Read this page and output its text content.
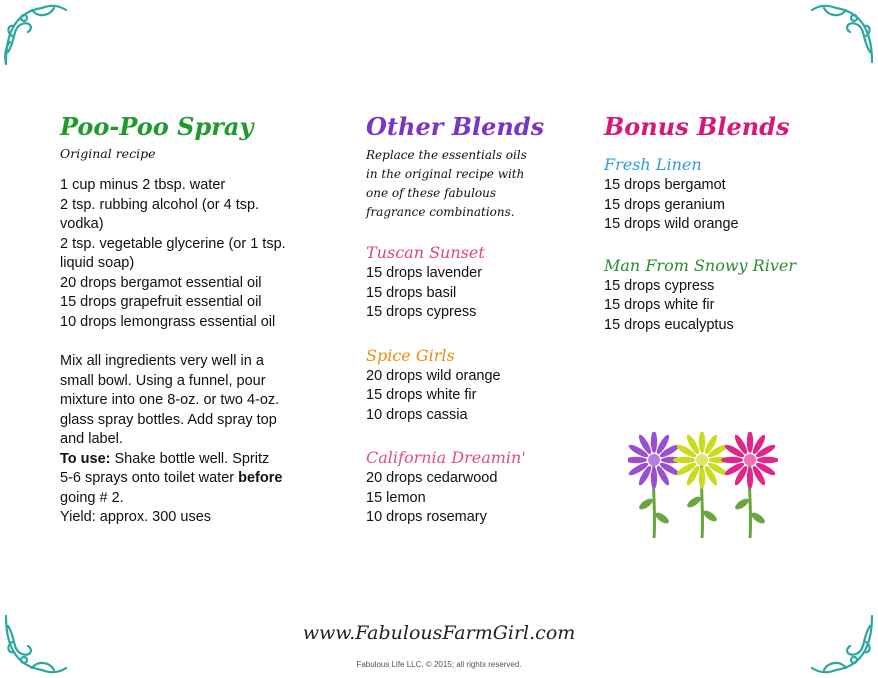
Poo-Poo Spray

Original recipe

1 cup minus 2 tbsp. water

2 tsp. rubbing alcohol (or 4 tsp.

vodka)

2 tsp. vegetable glycerine (or 1 tsp.

liquid soap)

20 drops bergamot essential oil

15 drops grapefruit essential oil

10 drops lemongrass essential oil

Mix all ingredients very well in a

small bowl. Using a funnel, pour

mixture into one 8-oz. or two 4-oz.

glass spray bottles. Add spray top

and label.

To use: Shake bottle well. Spritz

5-6 sprays onto toilet water before

going # 2.

Yield: approx. 300 uses

Other Blends

Replace the essentials oils

in the original recipe with

one of these fabulous

fragrance combinations.

Tuscan Sunset

15 drops lavender

15 drops basil

15 drops cypress

Spice Girls

20 drops wild orange

15 drops white fir

10 drops cassia

California Dreamin'

20 drops cedarwood

15 lemon

10 drops rosemary

Bonus Blends

Fresh Linen

15 drops bergamot

15 drops geranium

15 drops wild orange

Man From Snowy River

15 drops cypress

15 drops white fir

15 drops eucalyptus

www.FabulousFarmGirl.com
Fabulous Life LLC, © 2015; all rights reserved.
